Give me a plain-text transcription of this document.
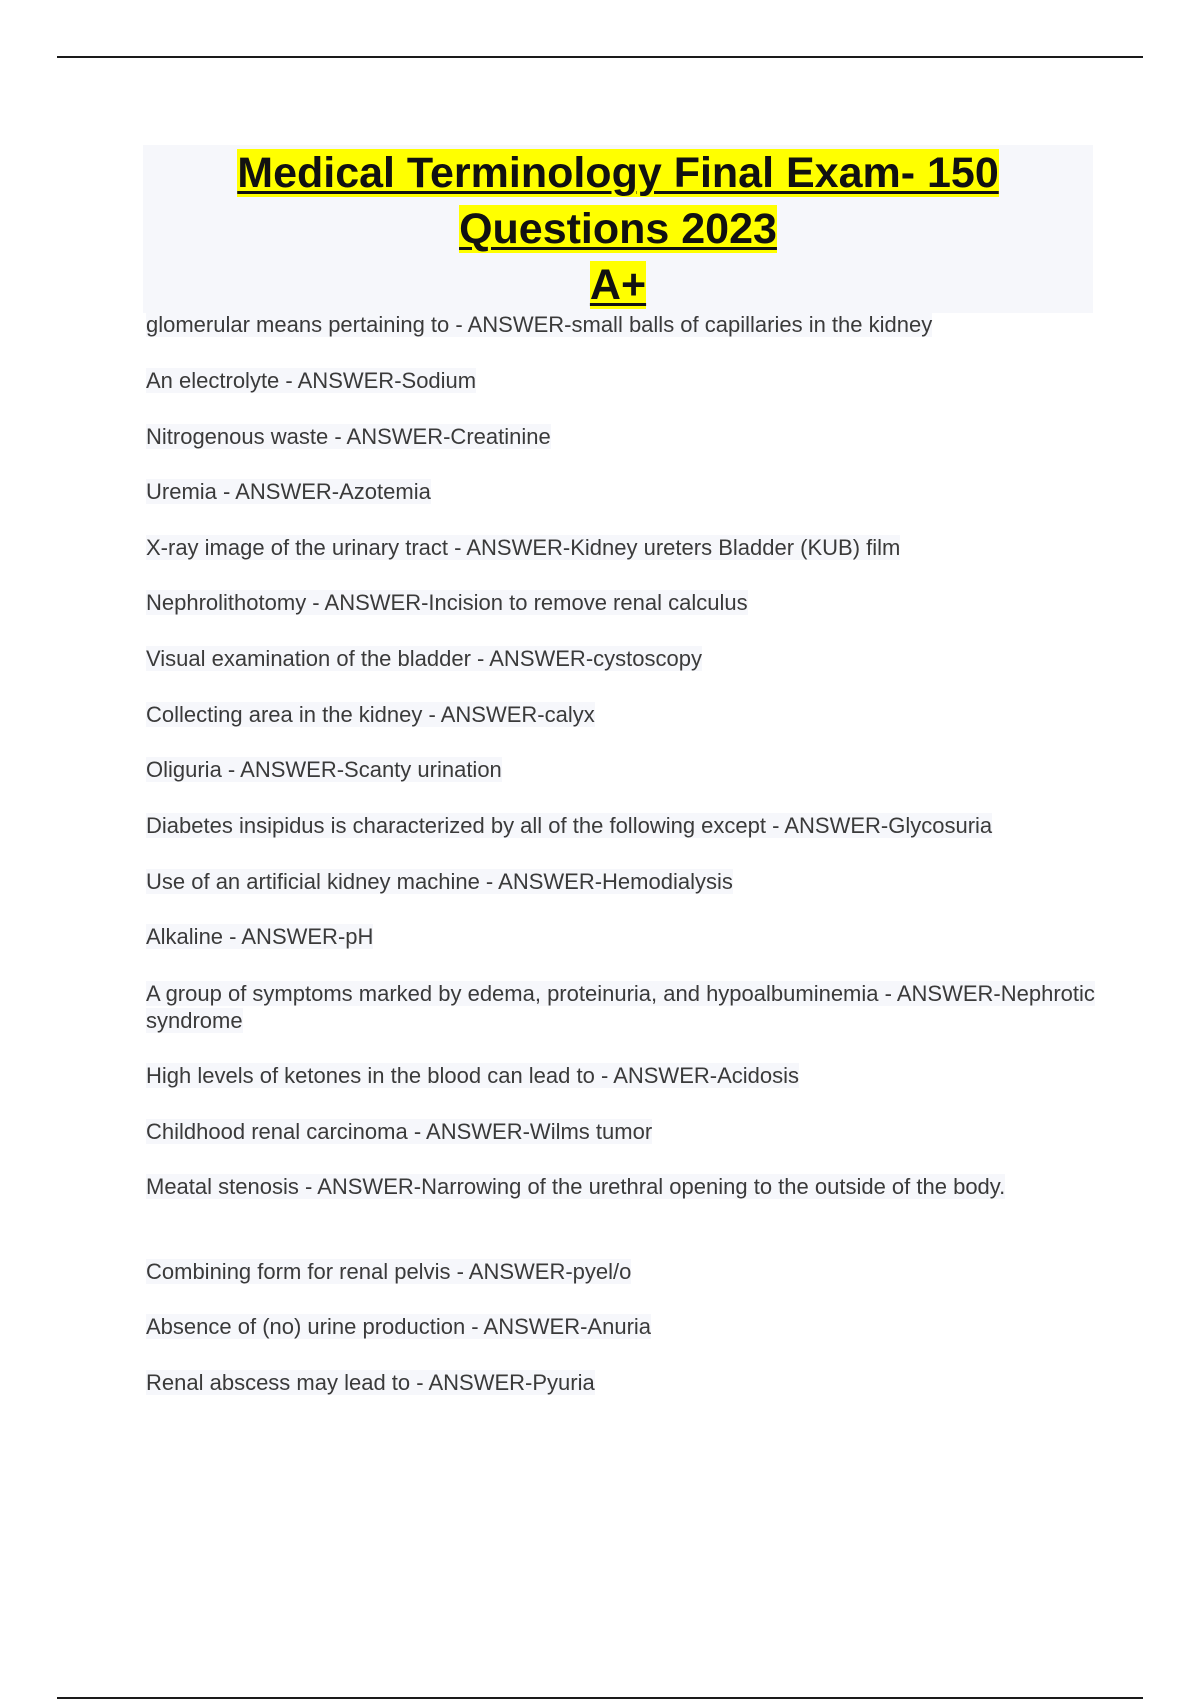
Medical Terminology Final Exam- 150
Questions 2023
A+
glomerular means pertaining to - ANSWER-small balls of capillaries in the kidney
An electrolyte - ANSWER-Sodium
Nitrogenous waste - ANSWER-Creatinine
Uremia - ANSWER-Azotemia
X-ray image of the urinary tract - ANSWER-Kidney ureters Bladder (KUB) film
Nephrolithotomy - ANSWER-Incision to remove renal calculus
Visual examination of the bladder - ANSWER-cystoscopy
Collecting area in the kidney - ANSWER-calyx
Oliguria - ANSWER-Scanty urination
Diabetes insipidus is characterized by all of the following except - ANSWER-Glycosuria
Use of an artificial kidney machine - ANSWER-Hemodialysis
Alkaline - ANSWER-pH
A group of symptoms marked by edema, proteinuria, and hypoalbuminemia - ANSWER-Nephrotic syndrome
High levels of ketones in the blood can lead to - ANSWER-Acidosis
Childhood renal carcinoma - ANSWER-Wilms tumor
Meatal stenosis - ANSWER-Narrowing of the urethral opening to the outside of the body.
Combining form for renal pelvis - ANSWER-pyel/o
Absence of (no) urine production - ANSWER-Anuria
Renal abscess may lead to - ANSWER-Pyuria
